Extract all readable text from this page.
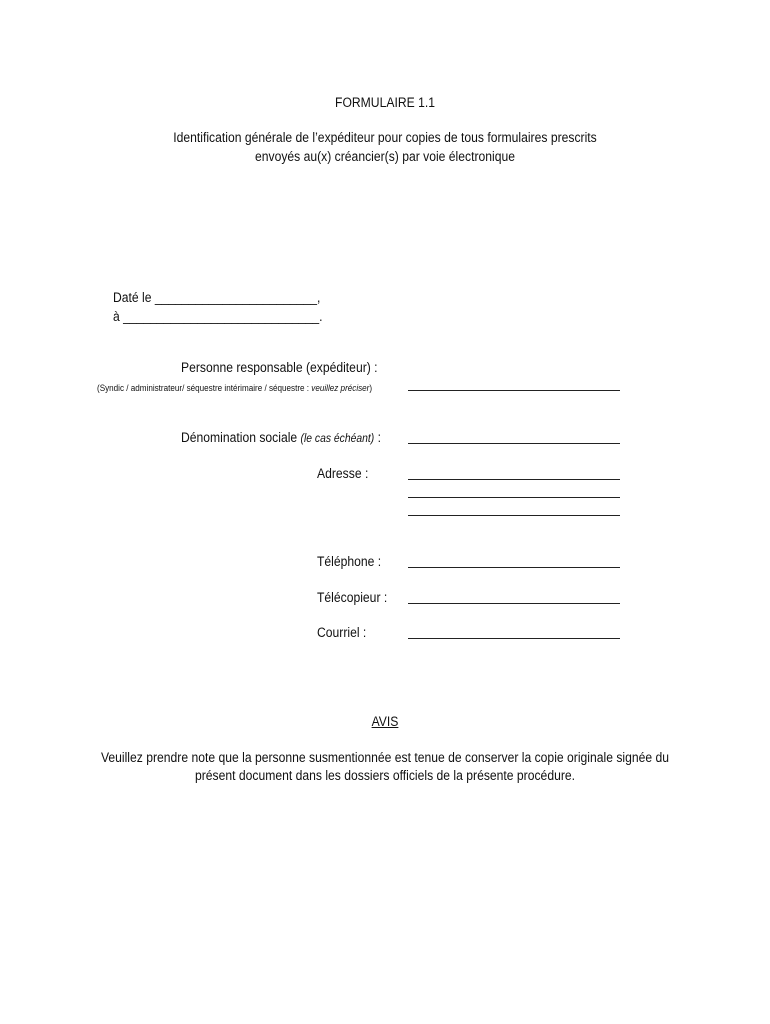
FORMULAIRE 1.1
Identification générale de l’expéditeur pour copies de tous formulaires prescrits
envoyés au(x) créancier(s) par voie électronique
Daté le ________________________,
à _____________________________.
Personne responsable (expéditeur) :
(Syndic / administrateur/ séquestre intérimaire / séquestre : veuillez préciser)
Dénomination sociale (le cas échéant) :
Adresse :
Téléphone :
Télécopieur :
Courriel :
AVIS
Veuillez prendre note que la personne susmentionnée est tenue de conserver la copie originale signée du
présent document dans les dossiers officiels de la présente procédure.
